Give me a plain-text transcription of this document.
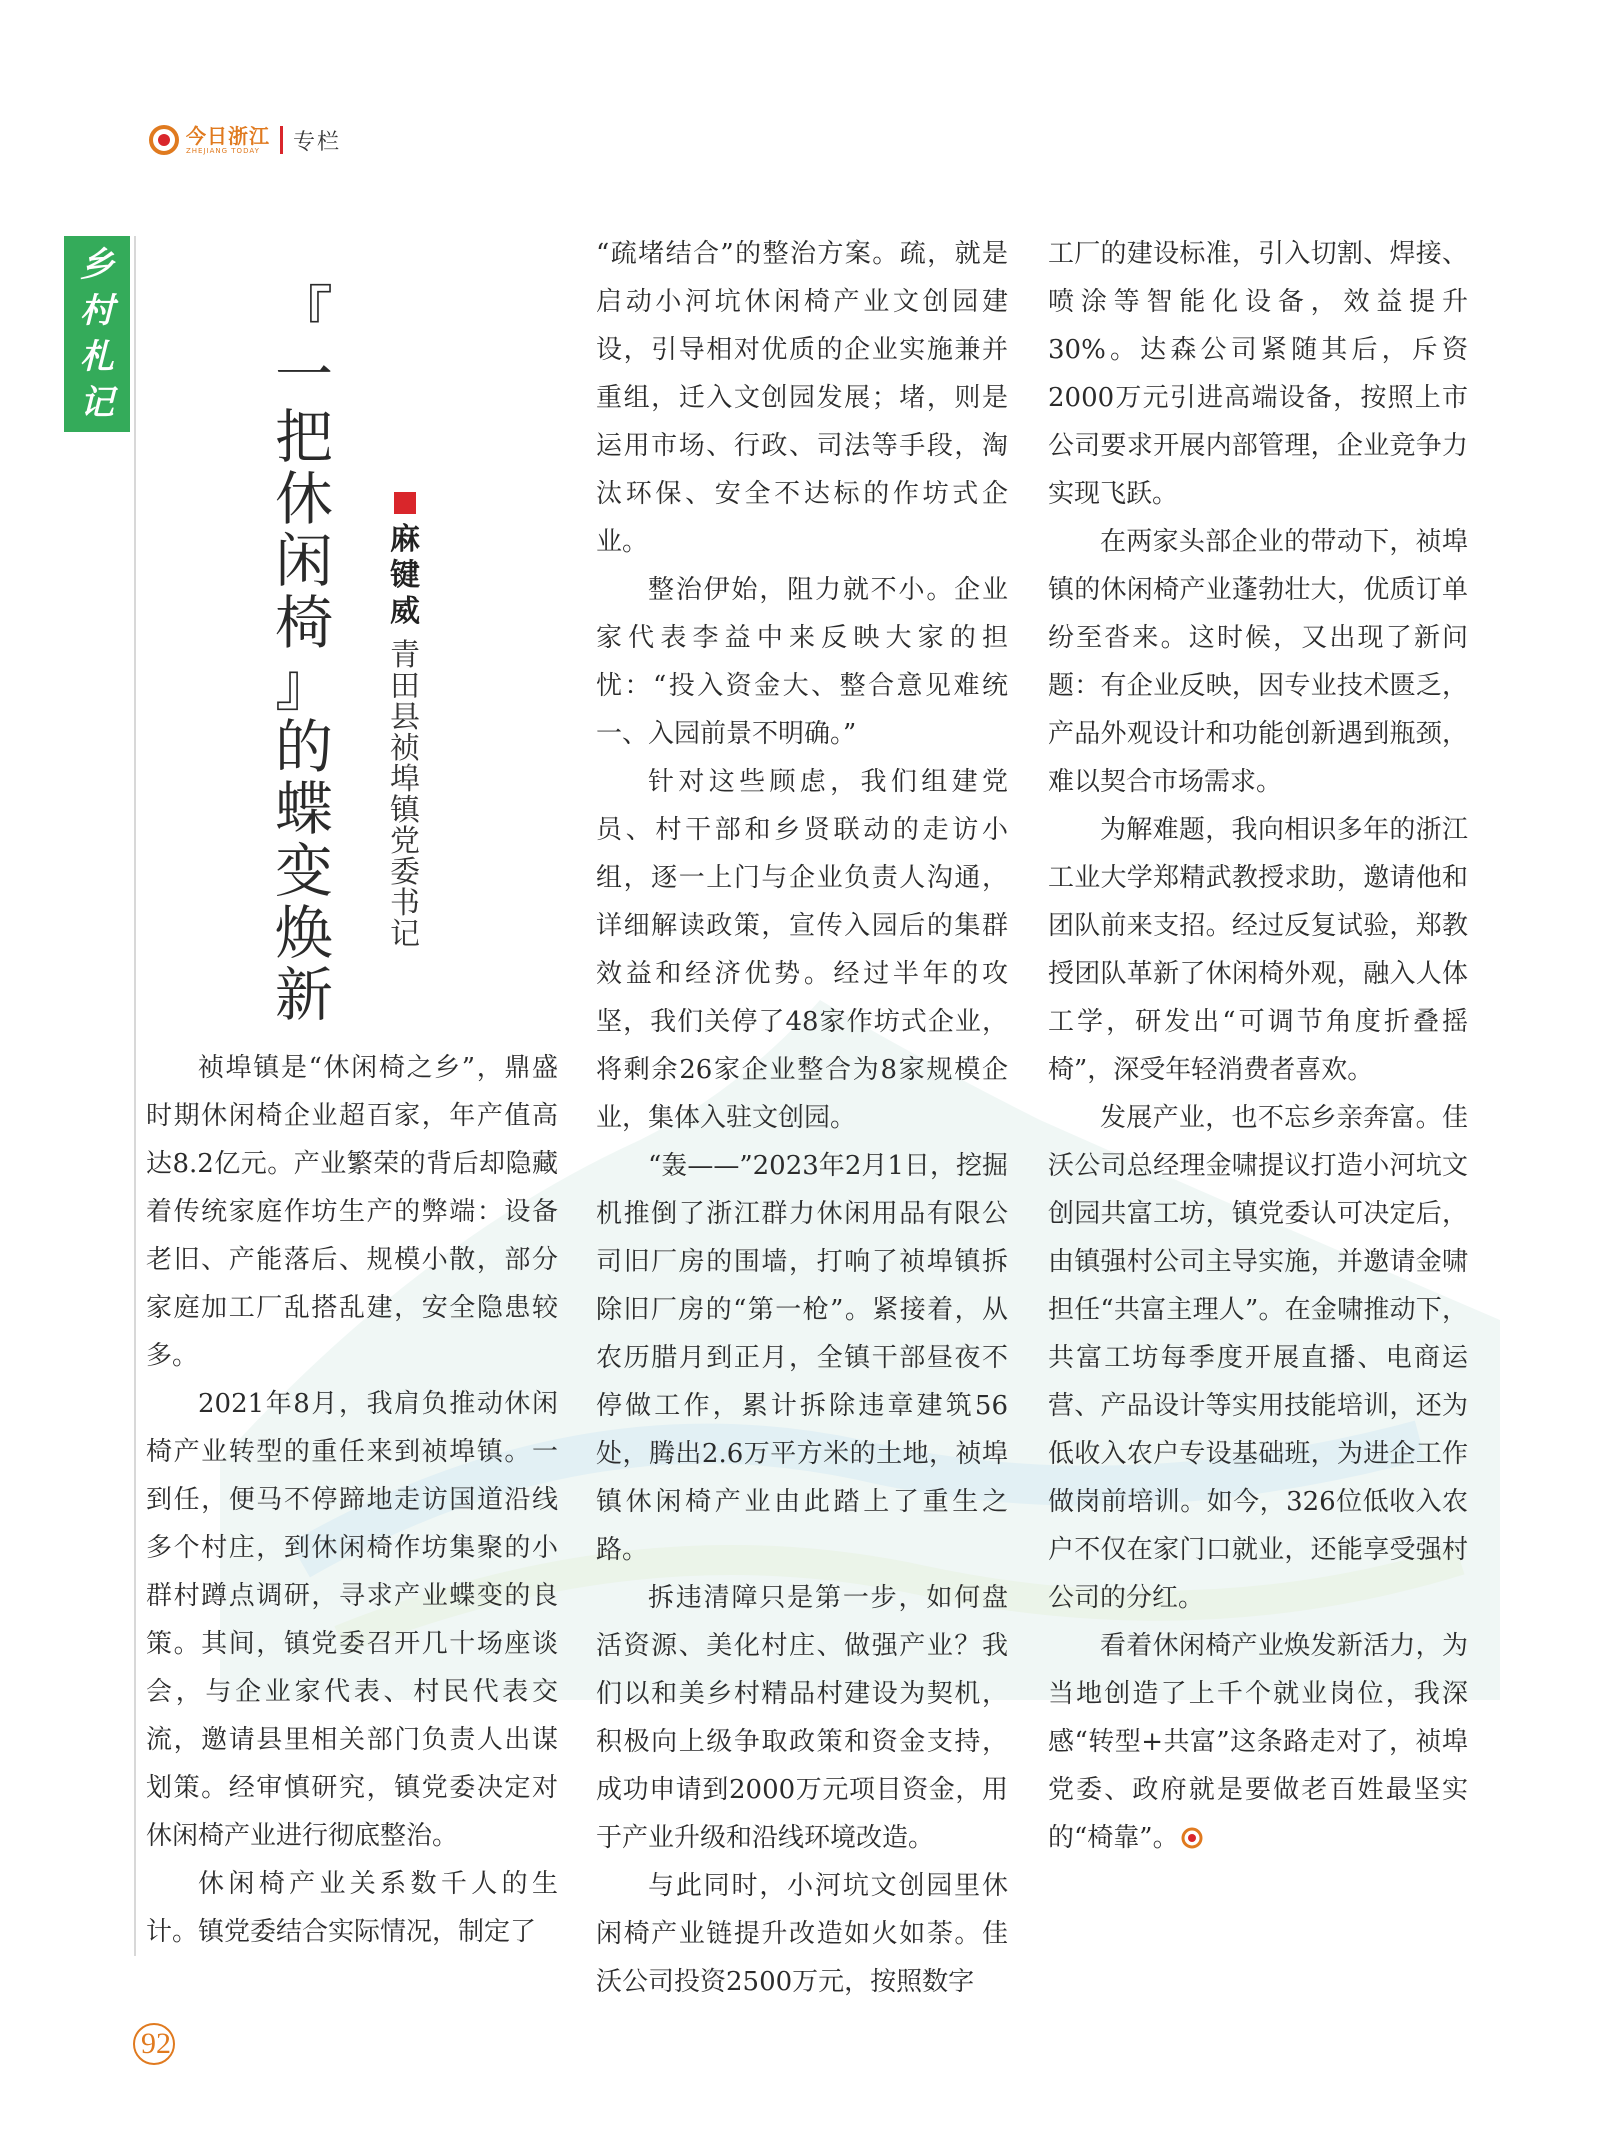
今日浙江
ZHEJIANG TODAY	专栏
乡
村
札
记
『
一
把
休
闲
椅
』
的
蝶
变
焕
新
麻
键
威
青
田
县
祯
埠
镇
党
委
书
记

祯埠镇是“休闲椅之乡”，鼎盛时期休闲椅企业超百家，年产值高达8.2亿元。产业繁荣的背后却隐藏着传统家庭作坊生产的弊端：设备老旧、产能落后、规模小散，部分家庭加工厂乱搭乱建，安全隐患较多。

2021年8月，我肩负推动休闲椅产业转型的重任来到祯埠镇。一到任，便马不停蹄地走访国道沿线多个村庄，到休闲椅作坊集聚的小群村蹲点调研，寻求产业蝶变的良策。其间，镇党委召开几十场座谈会，与企业家代表、村民代表交流，邀请县里相关部门负责人出谋划策。经审慎研究，镇党委决定对休闲椅产业进行彻底整治。

休闲椅产业关系数千人的生计。镇党委结合实际情况，制定了

“疏堵结合”的整治方案。疏，就是启动小河坑休闲椅产业文创园建设，引导相对优质的企业实施兼并重组，迁入文创园发展；堵，则是运用市场、行政、司法等手段，淘汰环保、安全不达标的作坊式企业。

整治伊始，阻力就不小。企业家代表李益中来反映大家的担忧：“投入资金大、整合意见难统一、入园前景不明确。”

针对这些顾虑，我们组建党员、村干部和乡贤联动的走访小组，逐一上门与企业负责人沟通，详细解读政策，宣传入园后的集群效益和经济优势。经过半年的攻坚，我们关停了48家作坊式企业，将剩余26家企业整合为8家规模企业，集体入驻文创园。

“轰——”2023年2月1日，挖掘机推倒了浙江群力休闲用品有限公司旧厂房的围墙，打响了祯埠镇拆除旧厂房的“第一枪”。紧接着，从农历腊月到正月，全镇干部昼夜不停做工作，累计拆除违章建筑56处，腾出2.6万平方米的土地，祯埠镇休闲椅产业由此踏上了重生之路。

拆违清障只是第一步，如何盘活资源、美化村庄、做强产业？我们以和美乡村精品村建设为契机，积极向上级争取政策和资金支持，成功申请到2000万元项目资金，用于产业升级和沿线环境改造。

与此同时，小河坑文创园里休闲椅产业链提升改造如火如荼。佳沃公司投资2500万元，按照数字

工厂的建设标准，引入切割、焊接、喷涂等智能化设备，效益提升30%。达森公司紧随其后，斥资2000万元引进高端设备，按照上市公司要求开展内部管理，企业竞争力实现飞跃。

在两家头部企业的带动下，祯埠镇的休闲椅产业蓬勃壮大，优质订单纷至沓来。这时候，又出现了新问题：有企业反映，因专业技术匮乏，产品外观设计和功能创新遇到瓶颈，难以契合市场需求。

为解难题，我向相识多年的浙江工业大学郑精武教授求助，邀请他和团队前来支招。经过反复试验，郑教授团队革新了休闲椅外观，融入人体工学，研发出“可调节角度折叠摇椅”，深受年轻消费者喜欢。

发展产业，也不忘乡亲奔富。佳沃公司总经理金啸提议打造小河坑文创园共富工坊，镇党委认可决定后，由镇强村公司主导实施，并邀请金啸担任“共富主理人”。在金啸推动下，共富工坊每季度开展直播、电商运营、产品设计等实用技能培训，还为低收入农户专设基础班，为进企工作做岗前培训。如今，326位低收入农户不仅在家门口就业，还能享受强村公司的分红。

看着休闲椅产业焕发新活力，为当地创造了上千个就业岗位，我深感“转型+共富”这条路走对了，祯埠党委、政府就是要做老百姓最坚实的“椅靠”。

92
